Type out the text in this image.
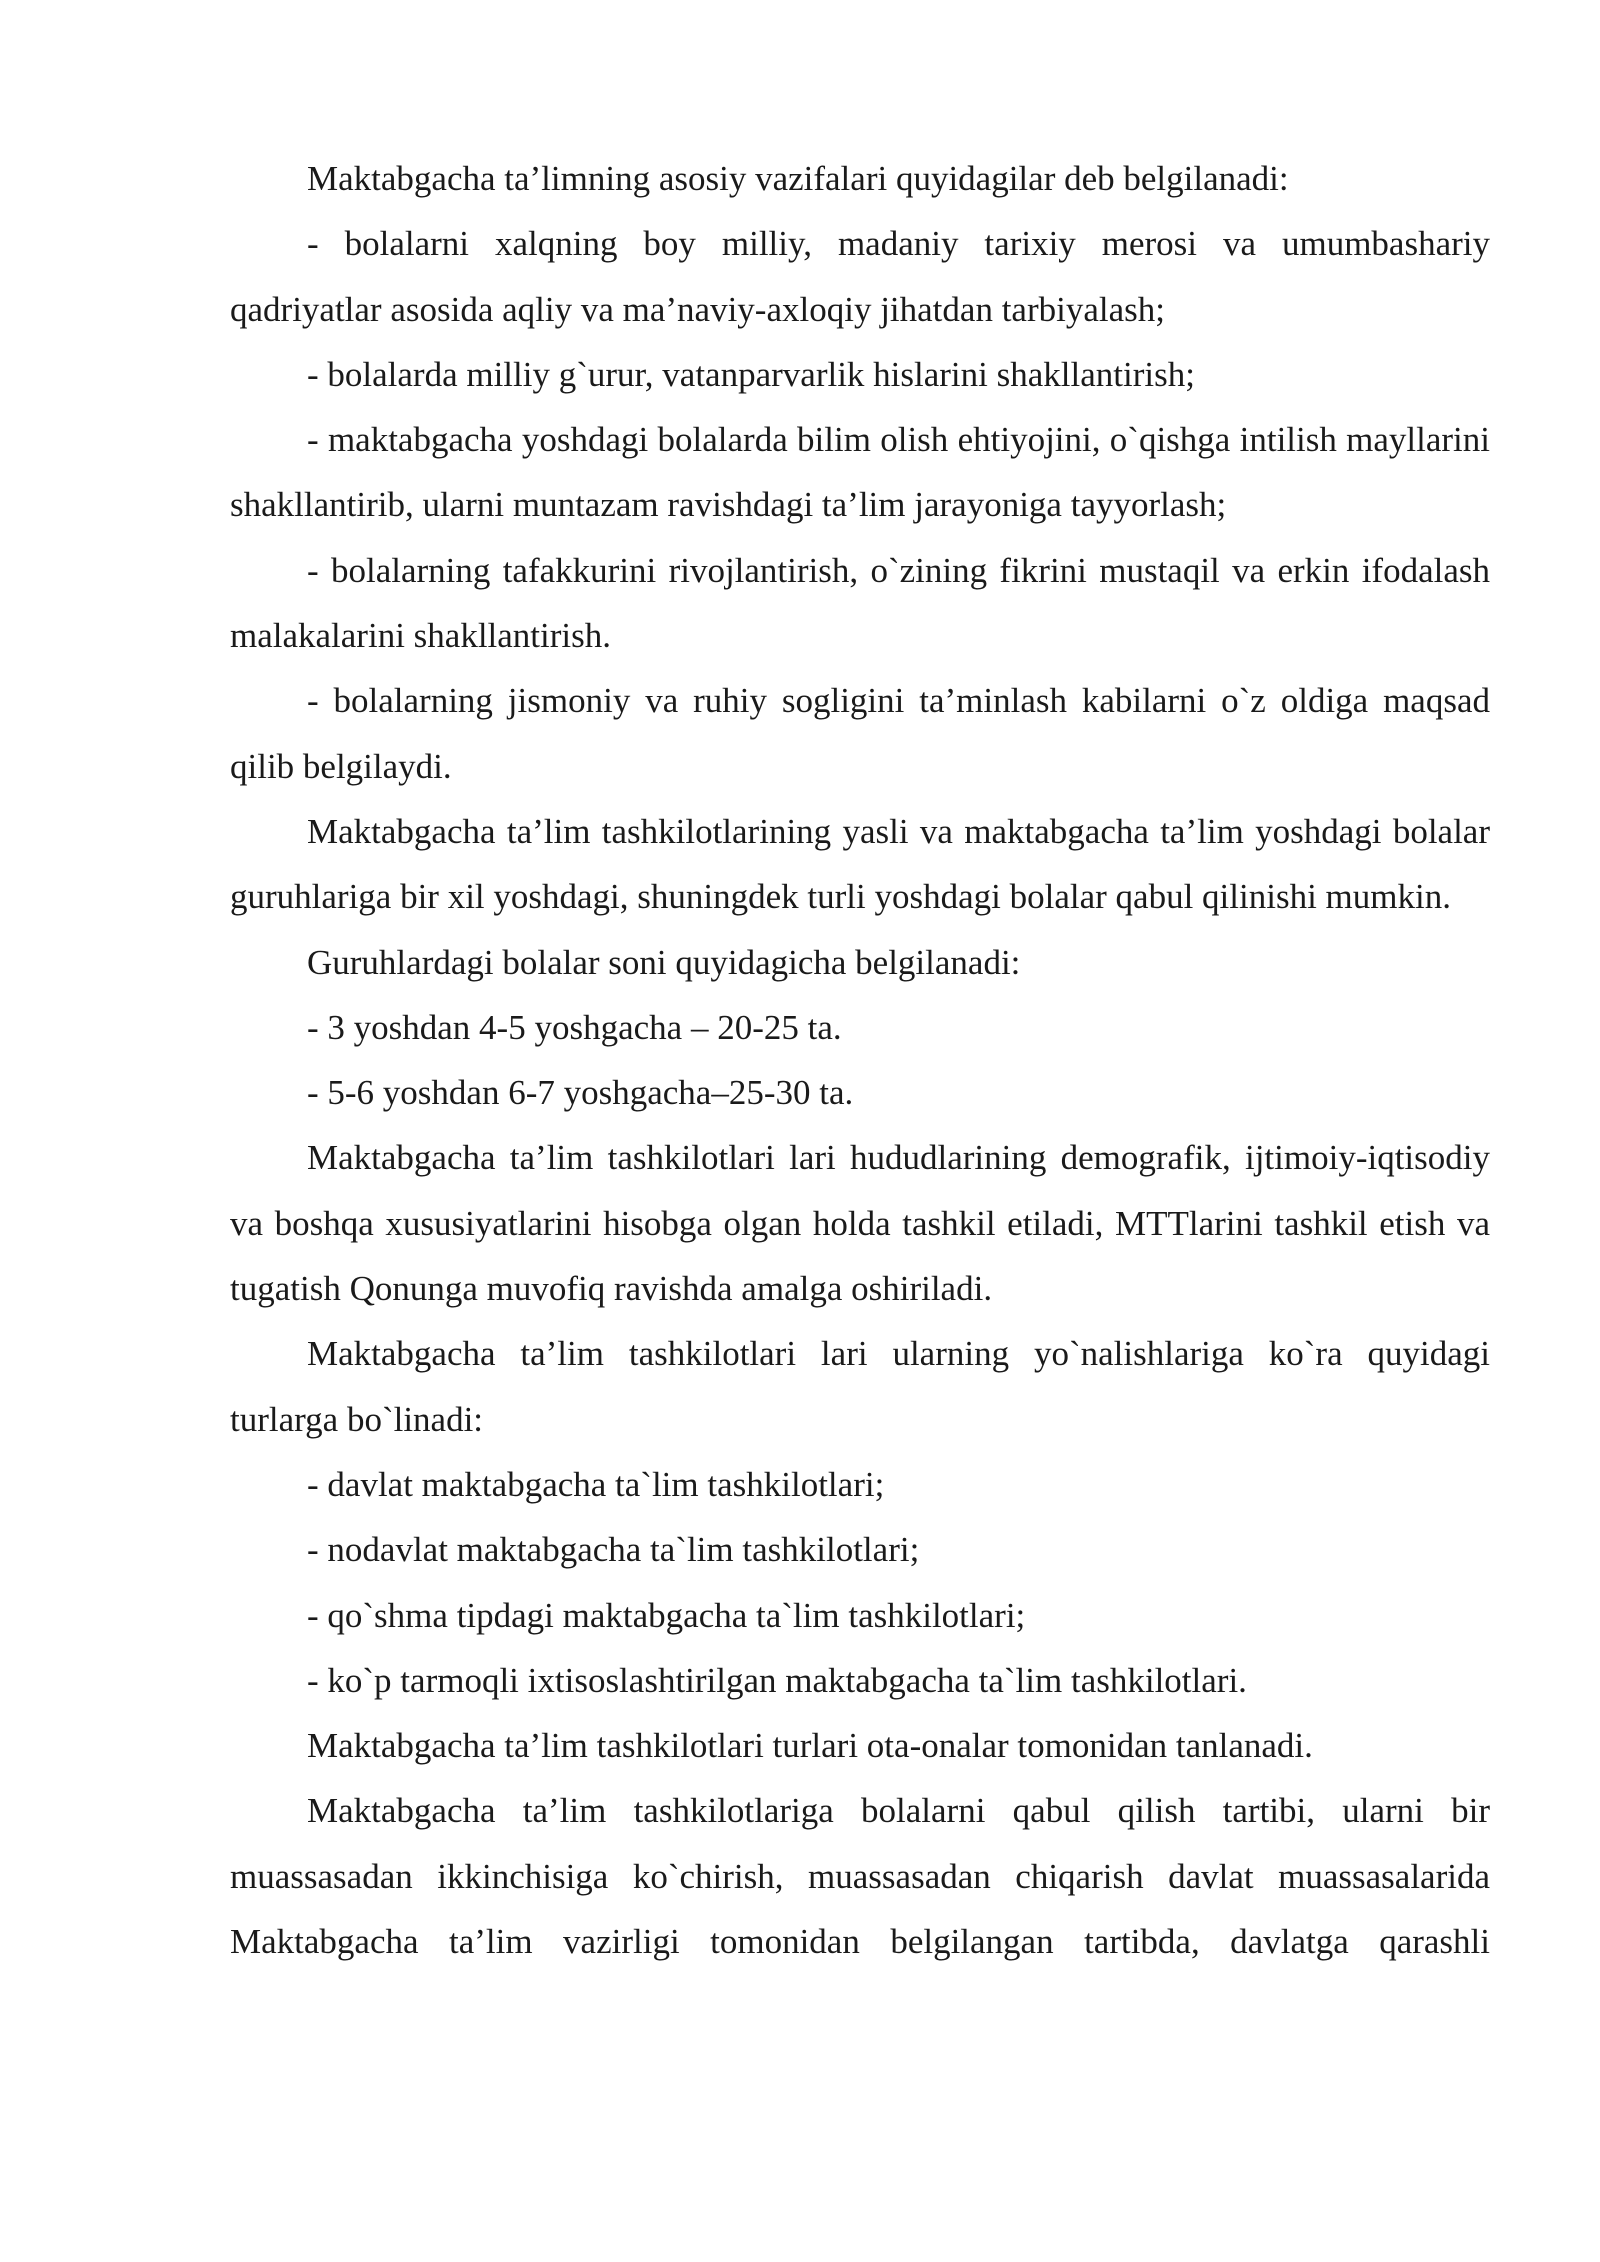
Maktabgacha ta’limning asosiy vazifalari quyidagilar deb belgilanadi:

- bolalarni xalqning boy milliy, madaniy tarixiy merosi va umumbashariy qadriyatlar asosida aqliy va ma’naviy-axloqiy jihatdan tarbiyalash;

- bolalarda milliy g`urur, vatanparvarlik hislarini shakllantirish;

- maktabgacha yoshdagi bolalarda bilim olish ehtiyojini, o`qishga intilish mayllarini shakllantirib, ularni muntazam ravishdagi ta’lim jarayoniga tayyorlash;

- bolalarning tafakkurini rivojlantirish, o`zining fikrini mustaqil va erkin ifodalash malakalarini shakllantirish.

- bolalarning jismoniy va ruhiy sogligini ta’minlash kabilarni o`z oldiga maqsad qilib belgilaydi.

Maktabgacha ta’lim tashkilotlarining yasli va maktabgacha ta’lim yoshdagi bolalar guruhlariga bir xil yoshdagi, shuningdek turli yoshdagi bolalar qabul qilinishi mumkin.

Guruhlardagi bolalar soni quyidagicha belgilanadi:

- 3 yoshdan 4-5 yoshgacha – 20-25 ta.

- 5-6 yoshdan 6-7 yoshgacha–25-30 ta.

Maktabgacha ta’lim tashkilotlari lari hududlarining demografik, ijtimoiy-iqtisodiy va boshqa xususiyatlarini hisobga olgan holda tashkil etiladi, MTTlarini tashkil etish va tugatish Qonunga muvofiq ravishda amalga oshiriladi.

Maktabgacha ta’lim tashkilotlari lari ularning yo`nalishlariga ko`ra quyidagi turlarga bo`linadi:

- davlat maktabgacha ta`lim tashkilotlari;

- nodavlat maktabgacha ta`lim tashkilotlari;

- qo`shma tipdagi maktabgacha ta`lim tashkilotlari;

- ko`p tarmoqli ixtisoslashtirilgan maktabgacha ta`lim tashkilotlari.

Maktabgacha ta’lim tashkilotlari turlari ota-onalar tomonidan tanlanadi.

Maktabgacha ta’lim tashkilotlariga bolalarni qabul qilish tartibi, ularni bir muassasadan ikkinchisiga ko`chirish, muassasadan chiqarish davlat muassasalarida Maktabgacha ta’lim vazirligi tomonidan belgilangan tartibda, davlatga qarashli
